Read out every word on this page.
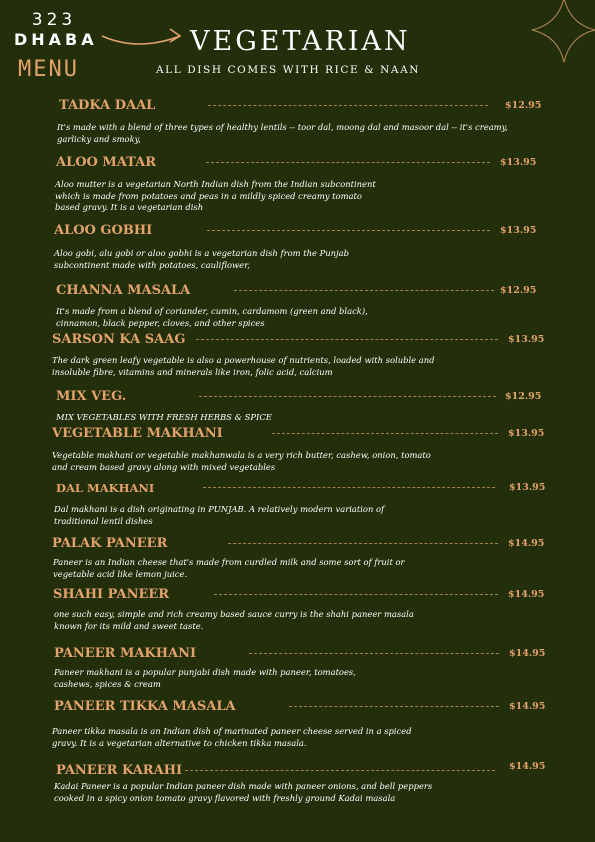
323
DHABA
MENU
VEGETARIAN
ALL DISH COMES WITH RICE & NAAN
TADKA DAAL	$12.95
It's made with a blend of three types of healthy lentils -- toor dal, moong dal and masoor dal -- it's creamy, garlicky and smoky,
ALOO MATAR	$13.95
Aloo mutter is a vegetarian North Indian dish from the Indian subcontinent which is made from potatoes and peas in a mildly spiced creamy tomato based gravy. It is a vegetarian dish
ALOO GOBHI	$13.95
Aloo gobi, alu gobi or aloo gobhi is a vegetarian dish from the Punjab subcontinent made with potatoes, cauliflower,
CHANNA MASALA	$12.95
It's made from a blend of coriander, cumin, cardamom (green and black), cinnamon, black pepper, cloves, and other spices
SARSON KA SAAG	$13.95
The dark green leafy vegetable is also a powerhouse of nutrients, loaded with soluble and insoluble fibre, vitamins and minerals like iron, folic acid, calcium
MIX VEG.	$12.95
MIX VEGETABLES WITH FRESH HERBS & SPICE
VEGETABLE MAKHANI	$13.95
Vegetable makhani or vegetable makhanwala is a very rich butter, cashew, onion, tomato and cream based gravy along with mixed vegetables
DAL MAKHANI	$13.95
Dal makhani is a dish originating in PUNJAB. A relatively modern variation of traditional lentil dishes
PALAK PANEER	$14.95
Paneer is an Indian cheese that's made from curdled milk and some sort of fruit or vegetable acid like lemon juice.
SHAHI PANEER	$14.95
one such easy, simple and rich creamy based sauce curry is the shahi paneer masala known for its mild and sweet taste.
PANEER MAKHANI	$14.95
Paneer makhani is a popular punjabi dish made with paneer, tomatoes, cashews, spices & cream
PANEER TIKKA MASALA	$14.95
Paneer tikka masala is an Indian dish of marinated paneer cheese served in a spiced gravy. It is a vegetarian alternative to chicken tikka masala.
PANEER KARAHI	$14.95
Kadai Paneer is a popular Indian paneer dish made with paneer onions, and bell peppers cooked in a spicy onion tomato gravy flavored with freshly ground Kadai masala
